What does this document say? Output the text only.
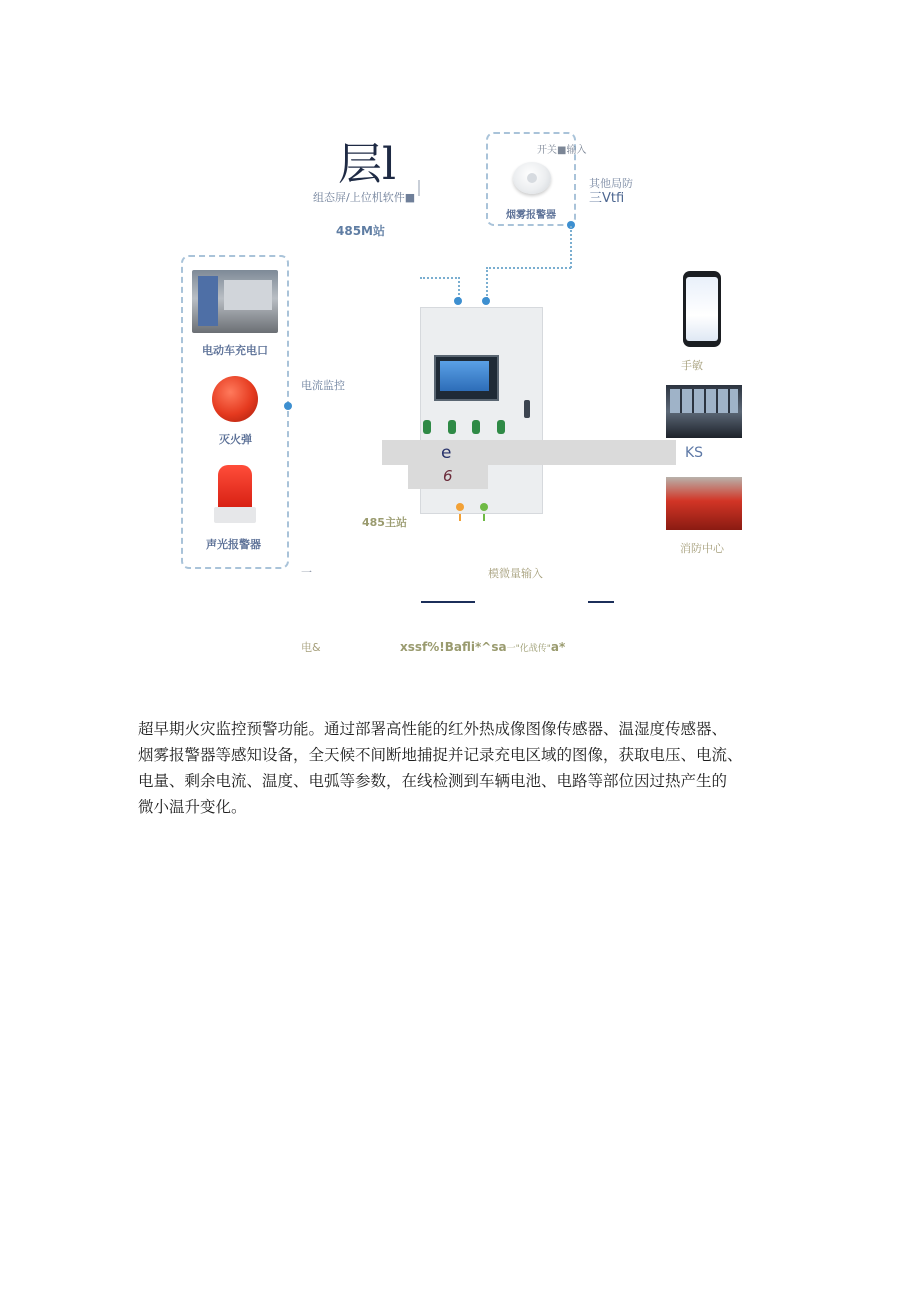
层l
组态屏/上位机软件■
485M站
开关■输入
烟雾报警器
其他局防
三Vtfi
电动车充电口
灭火弹
声光报警器
电流监控
e
6
KS
485主站
手敏
消防中心
一	模微量输入
电&	xssf%!Bafli*^sa一"化战传"a*
超早期火灾监控预警功能。通过部署高性能的红外热成像图像传感器、温湿度传感器、
烟雾报警器等感知设备，全天候不间断地捕捉并记录充电区域的图像，获取电压、电流、
电量、剩余电流、温度、电弧等参数，在线检测到车辆电池、电路等部位因过热产生的
微小温升变化。
